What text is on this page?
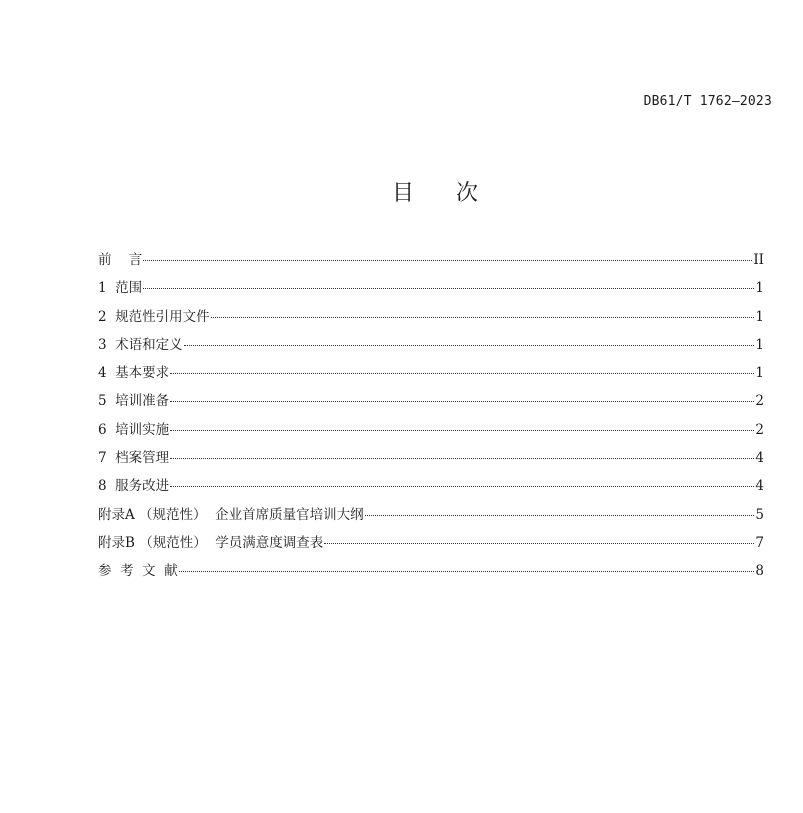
DB61/T 1762—2023
目      次
前    言	II
1  范围	1
2  规范性引用文件	1
3  术语和定义	1
4  基本要求	1
5  培训准备	2
6  培训实施	2
7  档案管理	4
8  服务改进	4
附录A （规范性）  企业首席质量官培训大纲	5
附录B （规范性）  学员满意度调查表	7
参  考  文  献	8
